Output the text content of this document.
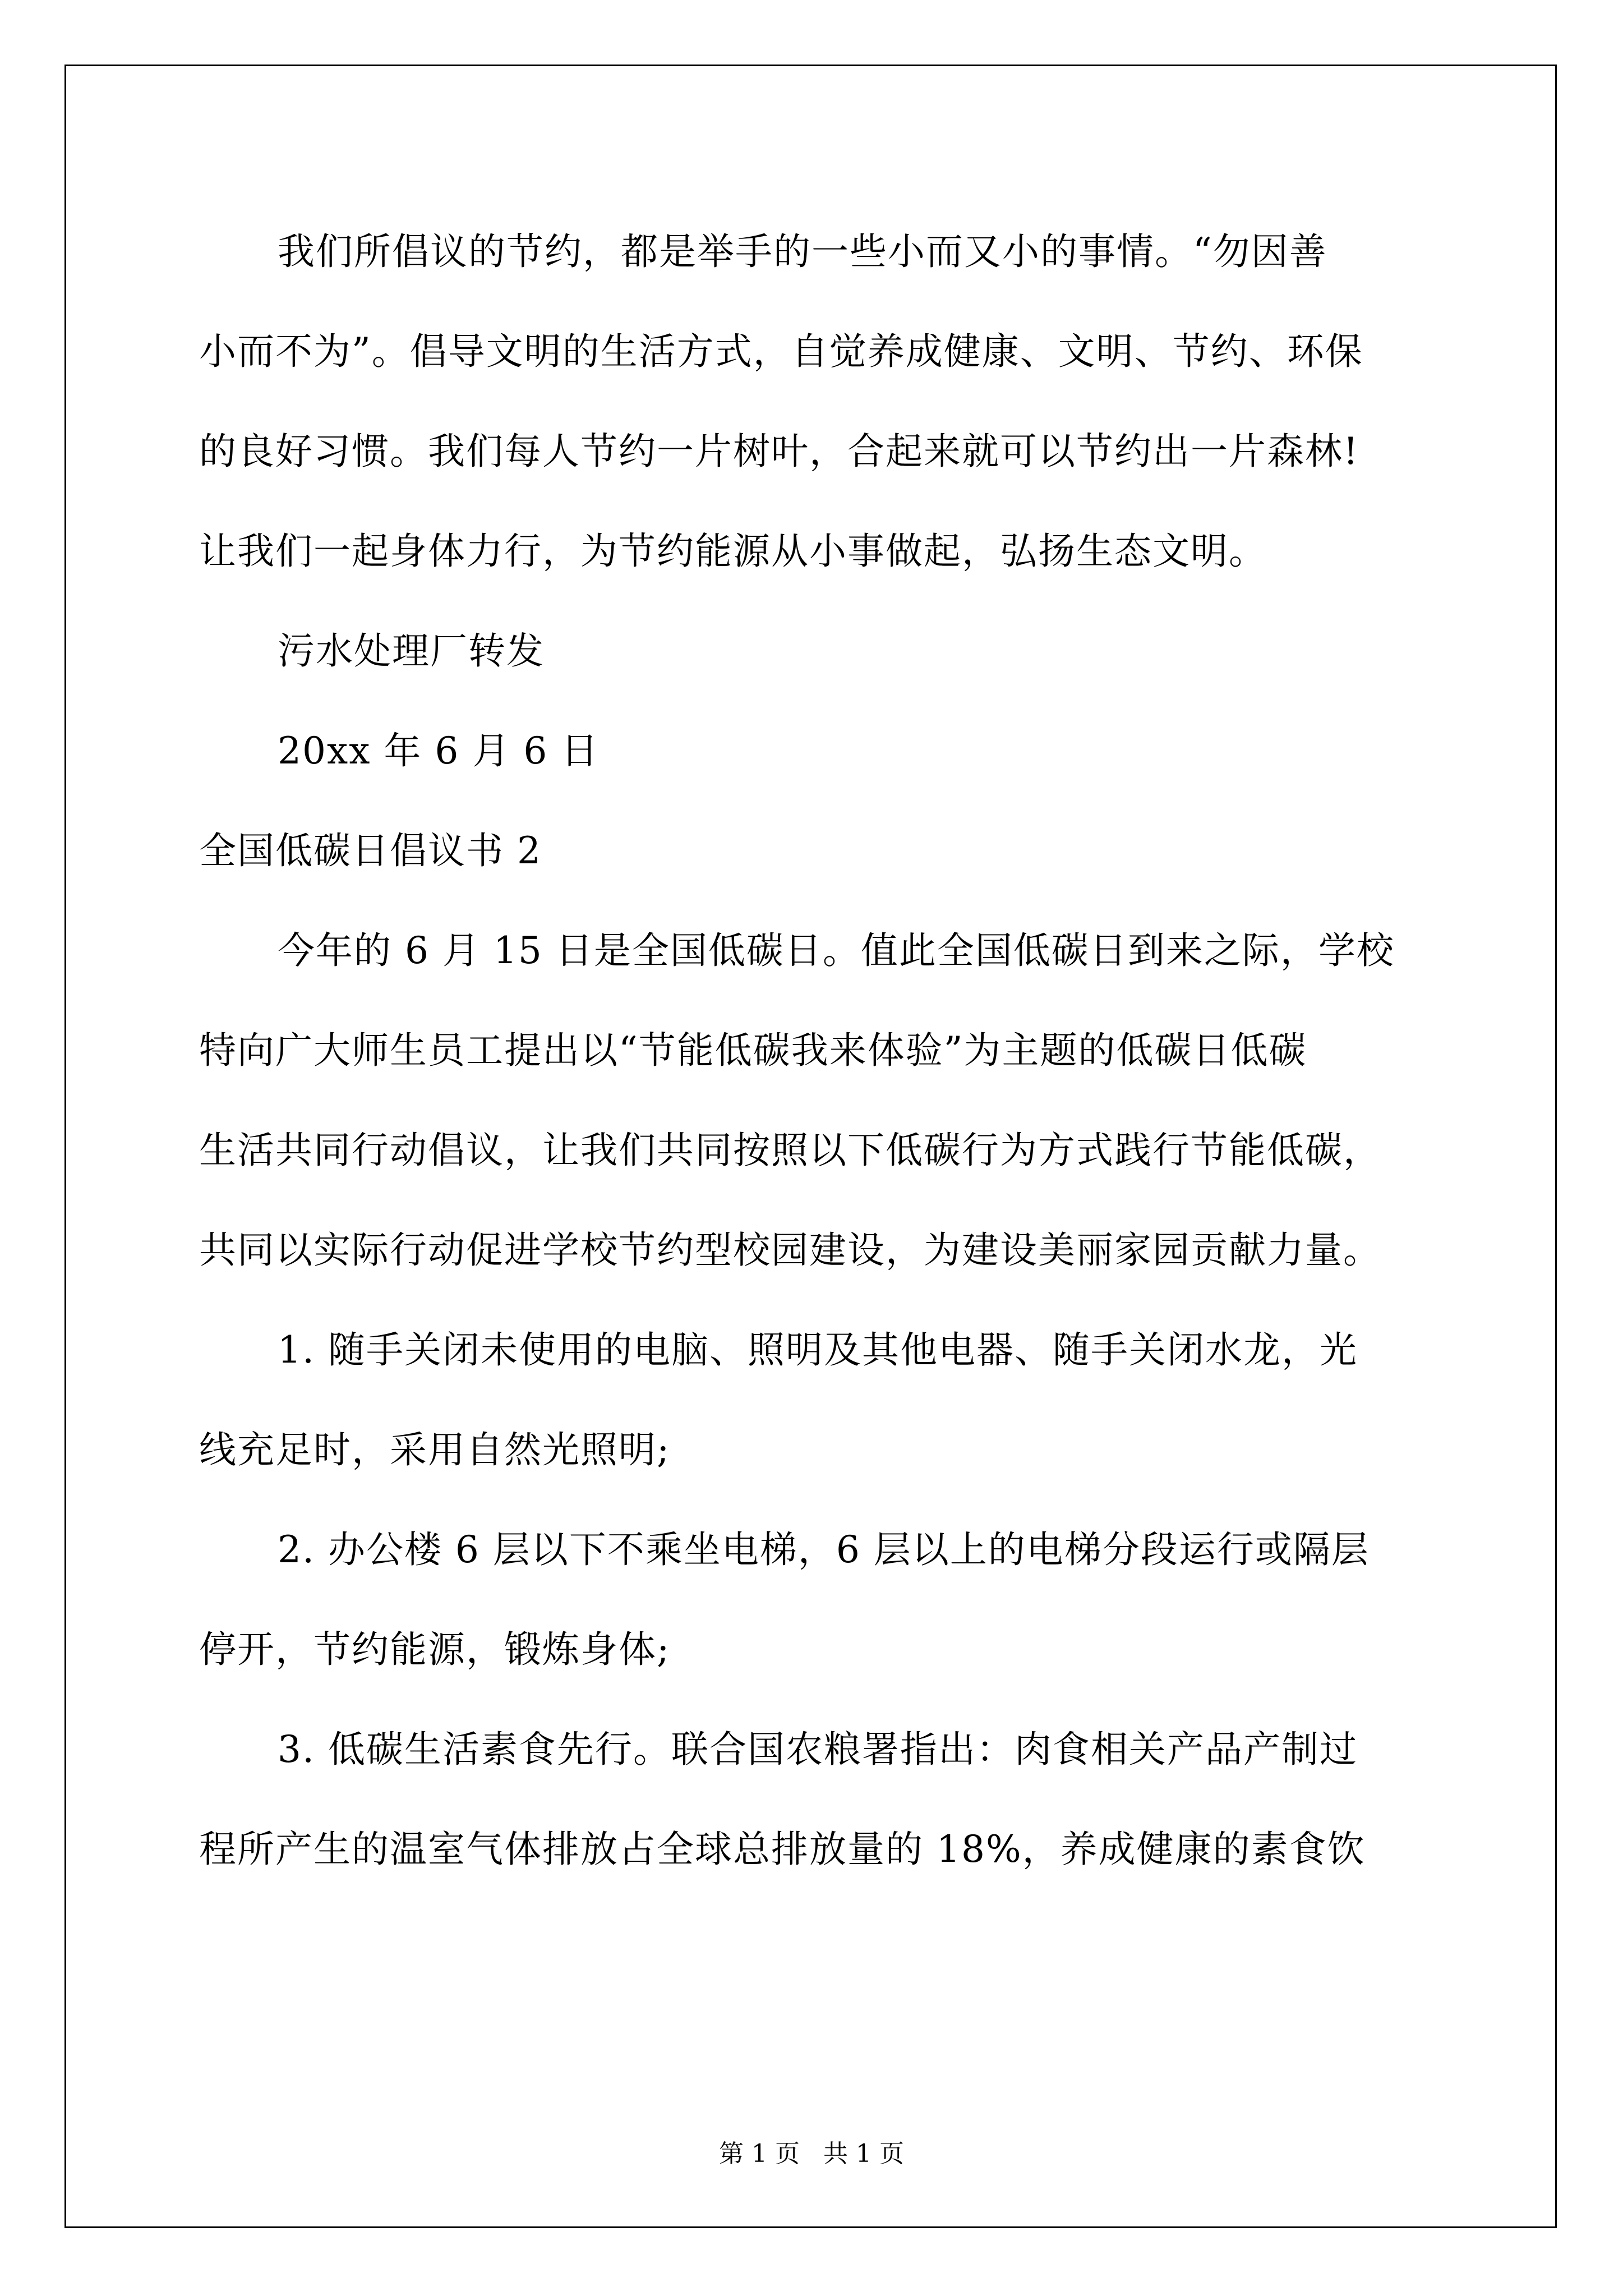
我们所倡议的节约，都是举手的一些小而又小的事情。“勿因善
小而不为”。倡导文明的生活方式，自觉养成健康、文明、节约、环保
的良好习惯。我们每人节约一片树叶，合起来就可以节约出一片森林!
让我们一起身体力行，为节约能源从小事做起，弘扬生态文明。
污水处理厂转发
20xx 年 6 月 6 日
全国低碳日倡议书 2
今年的 6 月 15 日是全国低碳日。值此全国低碳日到来之际，学校
特向广大师生员工提出以“节能低碳我来体验”为主题的低碳日低碳
生活共同行动倡议，让我们共同按照以下低碳行为方式践行节能低碳，
共同以实际行动促进学校节约型校园建设，为建设美丽家园贡献力量。
1. 随手关闭未使用的电脑、照明及其他电器、随手关闭水龙，光
线充足时，采用自然光照明;
2. 办公楼 6 层以下不乘坐电梯，6 层以上的电梯分段运行或隔层
停开，节约能源，锻炼身体;
3. 低碳生活素食先行。联合国农粮署指出：肉食相关产品产制过
程所产生的温室气体排放占全球总排放量的 18%，养成健康的素食饮
第 1 页   共 1 页
